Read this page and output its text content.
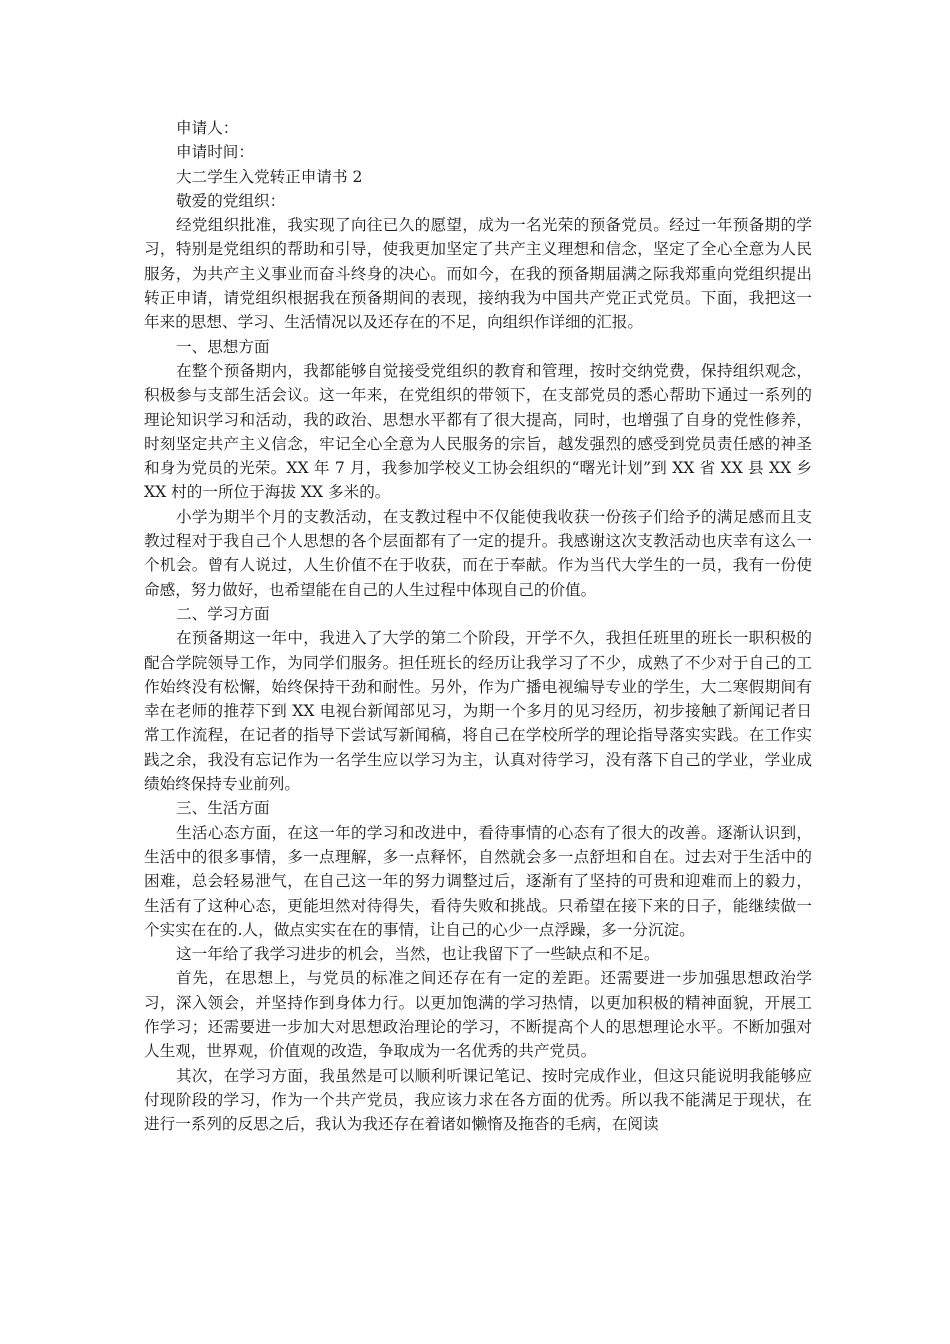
申请人：

申请时间：

大二学生入党转正申请书 2

敬爱的党组织：

经党组织批准，我实现了向往已久的愿望，成为一名光荣的预备党员。经过一年预备期的学习，特别是党组织的帮助和引导，使我更加坚定了共产主义理想和信念，坚定了全心全意为人民服务，为共产主义事业而奋斗终身的决心。而如今，在我的预备期届满之际我郑重向党组织提出转正申请，请党组织根据我在预备期间的表现，接纳我为中国共产党正式党员。下面，我把这一年来的思想、学习、生活情况以及还存在的不足，向组织作详细的汇报。

一、思想方面

在整个预备期内，我都能够自觉接受党组织的教育和管理，按时交纳党费，保持组织观念，积极参与支部生活会议。这一年来，在党组织的带领下，在支部党员的悉心帮助下通过一系列的理论知识学习和活动，我的政治、思想水平都有了很大提高，同时，也增强了自身的党性修养，时刻坚定共产主义信念，牢记全心全意为人民服务的宗旨，越发强烈的感受到党员责任感的神圣和身为党员的光荣。XX 年 7 月，我参加学校义工协会组织的“曙光计划”到 XX 省 XX 县 XX 乡 XX 村的一所位于海拔 XX 多米的。

小学为期半个月的支教活动，在支教过程中不仅能使我收获一份孩子们给予的满足感而且支教过程对于我自己个人思想的各个层面都有了一定的提升。我感谢这次支教活动也庆幸有这么一个机会。曾有人说过，人生价值不在于收获，而在于奉献。作为当代大学生的一员，我有一份使命感，努力做好，也希望能在自己的人生过程中体现自己的价值。

二、学习方面

在预备期这一年中，我进入了大学的第二个阶段，开学不久，我担任班里的班长一职积极的配合学院领导工作，为同学们服务。担任班长的经历让我学习了不少，成熟了不少对于自己的工作始终没有松懈，始终保持干劲和耐性。另外，作为广播电视编导专业的学生，大二寒假期间有幸在老师的推荐下到 XX 电视台新闻部见习，为期一个多月的见习经历，初步接触了新闻记者日常工作流程，在记者的指导下尝试写新闻稿，将自己在学校所学的理论指导落实实践。在工作实践之余，我没有忘记作为一名学生应以学习为主，认真对待学习，没有落下自己的学业，学业成绩始终保持专业前列。

三、生活方面

生活心态方面，在这一年的学习和改进中，看待事情的心态有了很大的改善。逐渐认识到，生活中的很多事情，多一点理解，多一点释怀，自然就会多一点舒坦和自在。过去对于生活中的困难，总会轻易泄气，在自己这一年的努力调整过后，逐渐有了坚持的可贵和迎难而上的毅力，生活有了这种心态，更能坦然对待得失，看待失败和挑战。只希望在接下来的日子，能继续做一个实实在在的.人，做点实实在在的事情，让自己的心少一点浮躁，多一分沉淀。

这一年给了我学习进步的机会，当然，也让我留下了一些缺点和不足。

首先，在思想上，与党员的标准之间还存在有一定的差距。还需要进一步加强思想政治学习，深入领会，并坚持作到身体力行。以更加饱满的学习热情，以更加积极的精神面貌，开展工作学习；还需要进一步加大对思想政治理论的学习，不断提高个人的思想理论水平。不断加强对人生观，世界观，价值观的改造，争取成为一名优秀的共产党员。

其次，在学习方面，我虽然是可以顺利听课记笔记、按时完成作业，但这只能说明我能够应付现阶段的学习，作为一个共产党员，我应该力求在各方面的优秀。所以我不能满足于现状，在进行一系列的反思之后，我认为我还存在着诸如懒惰及拖沓的毛病，在阅读
